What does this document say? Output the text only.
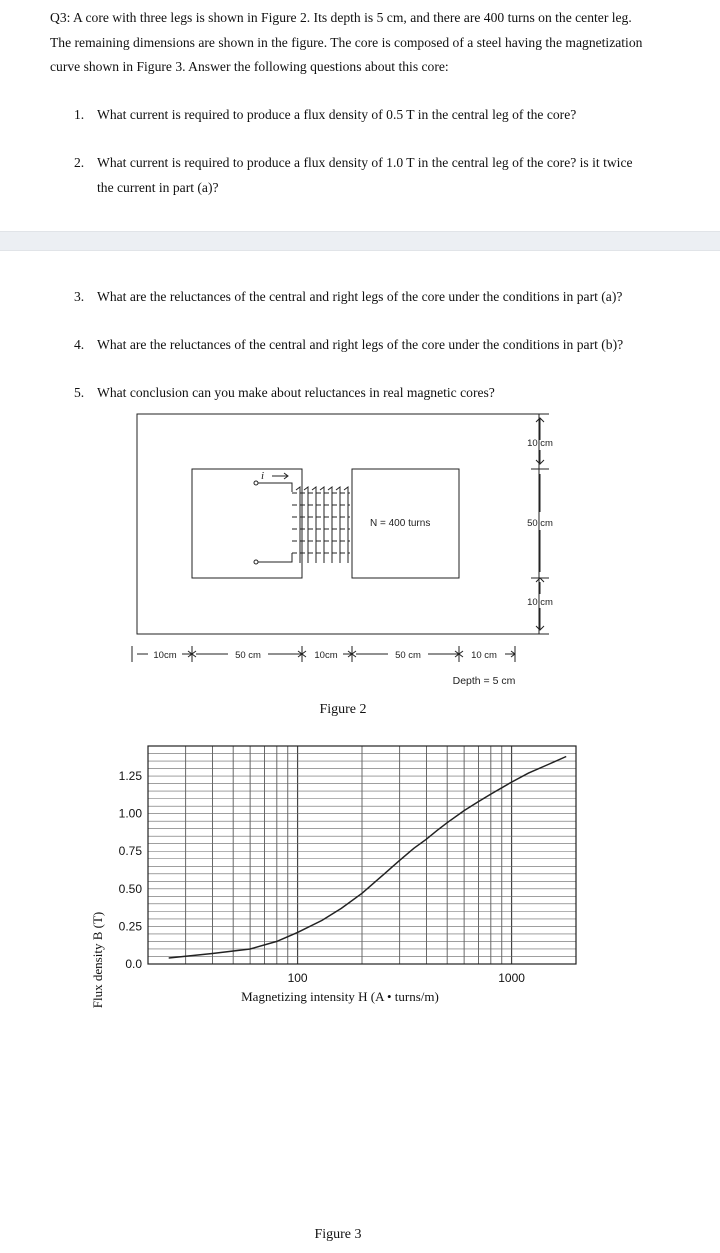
Q3: A core with three legs is shown in Figure 2. Its depth is 5 cm, and there are 400 turns on the center leg. The remaining dimensions are shown in the figure. The core is composed of a steel having the magnetization curve shown in Figure 3. Answer the following questions about this core:
1. What current is required to produce a flux density of 0.5 T in the central leg of the core?
2. What current is required to produce a flux density of 1.0 T in the central leg of the core? is it twice the current in part (a)?
3. What are the reluctances of the central and right legs of the core under the conditions in part (a)?
4. What are the reluctances of the central and right legs of the core under the conditions in part (b)?
5. What conclusion can you make about reluctances in real magnetic cores?
i
N = 400 turns
10 cm
50 cm
10 cm
10cm	50 cm	10cm	50 cm	10 cm
Depth = 5 cm
Figure 2
1.25
1.00
0.75
0.50
0.25
0.0
100	1000
Magnetizing intensity H (A • turns/m)
Flux density B (T)
Figure 3
